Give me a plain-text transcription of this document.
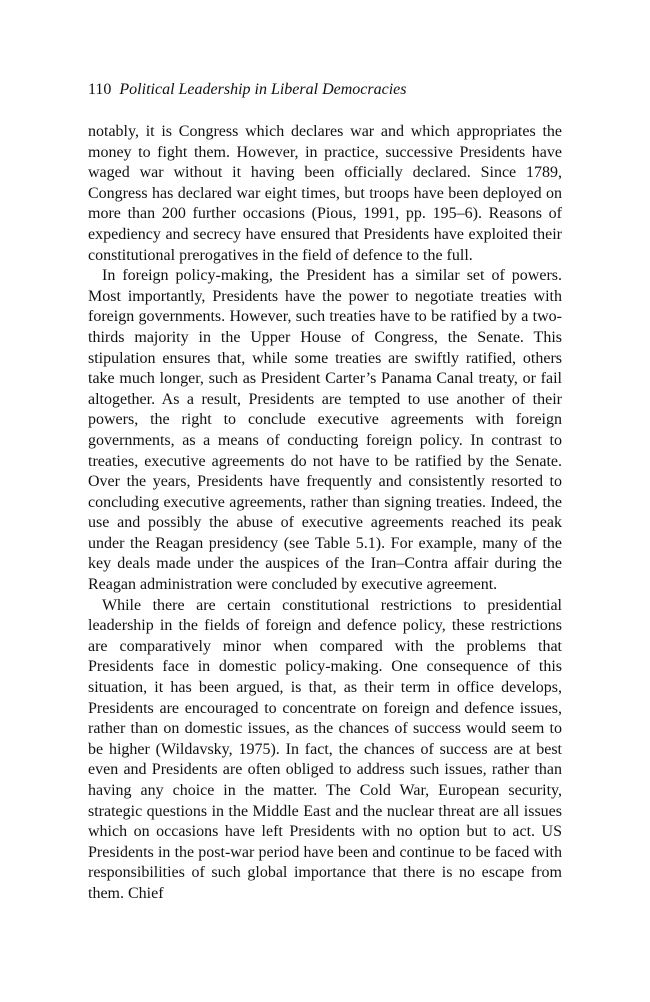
110 Political Leadership in Liberal Democracies

notably, it is Congress which declares war and which appropriates the money to fight them. However, in practice, successive Presidents have waged war without it having been officially declared. Since 1789, Congress has declared war eight times, but troops have been deployed on more than 200 further occasions (Pious, 1991, pp. 195–6). Reasons of expediency and secrecy have ensured that Presidents have exploited their constitutional prerogatives in the field of defence to the full.

In foreign policy-making, the President has a similar set of powers. Most importantly, Presidents have the power to negotiate treaties with foreign governments. However, such treaties have to be ratified by a two-thirds majority in the Upper House of Congress, the Senate. This stipulation ensures that, while some treaties are swiftly ratified, others take much longer, such as President Carter’s Panama Canal treaty, or fail altogether. As a result, Presidents are tempted to use another of their powers, the right to conclude executive agreements with foreign governments, as a means of conducting foreign policy. In contrast to treaties, executive agreements do not have to be ratified by the Senate. Over the years, Presidents have frequently and consistently resorted to concluding executive agreements, rather than signing treaties. Indeed, the use and possibly the abuse of executive agreements reached its peak under the Reagan presidency (see Table 5.1). For example, many of the key deals made under the auspices of the Iran–Contra affair during the Reagan administration were concluded by executive agreement.

While there are certain constitutional restrictions to presidential leadership in the fields of foreign and defence policy, these restrictions are comparatively minor when compared with the problems that Presidents face in domestic policy-making. One consequence of this situation, it has been argued, is that, as their term in office develops, Presidents are encouraged to concentrate on foreign and defence issues, rather than on domestic issues, as the chances of success would seem to be higher (Wildavsky, 1975). In fact, the chances of success are at best even and Presidents are often obliged to address such issues, rather than having any choice in the matter. The Cold War, European security, strategic questions in the Middle East and the nuclear threat are all issues which on occasions have left Presidents with no option but to act. US Presidents in the post-war period have been and continue to be faced with responsibilities of such global importance that there is no escape from them. Chief
